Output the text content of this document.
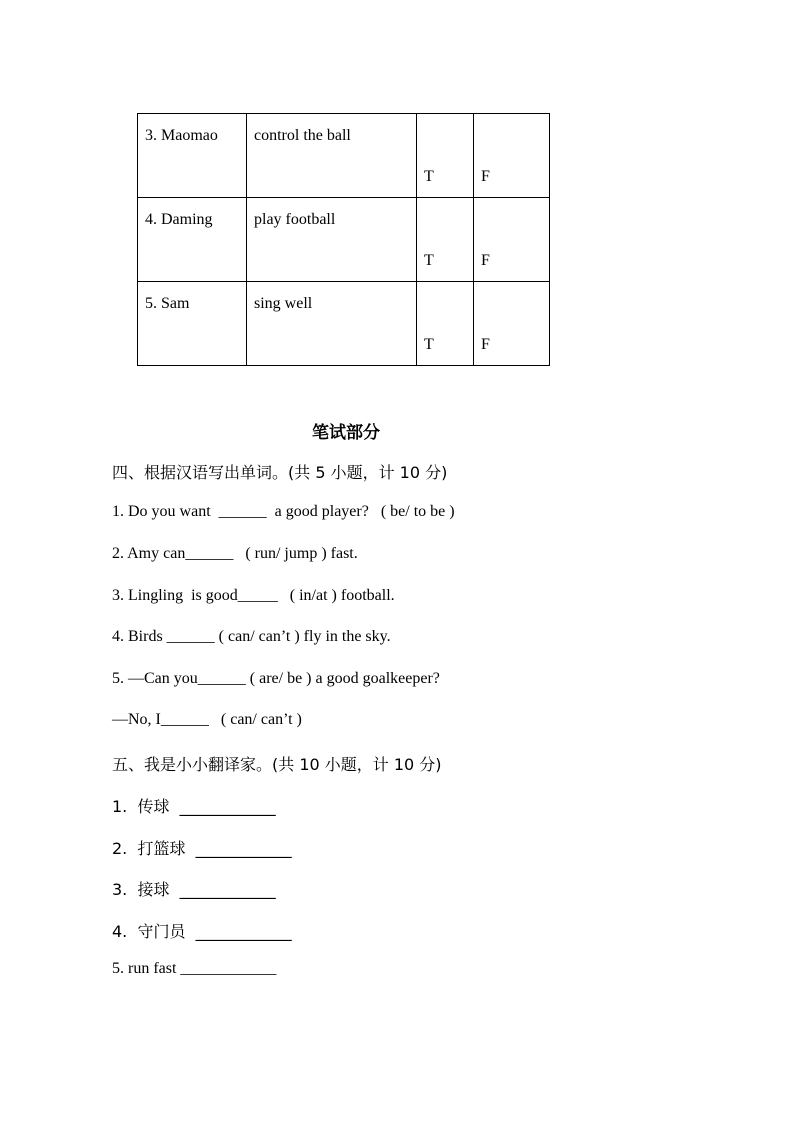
3. Maomao	control the ball	T	F

4. Daming	play football	T	F

5. Sam	sing well	T	F
笔试部分
四、根据汉语写出单词。(共 5 小题，计 10 分)
1. Do you want  ______  a good player?   ( be/ to be )
2. Amy can______   ( run/ jump ) fast.
3. Lingling  is good_____   ( in/at ) football.
4. Birds ______ ( can/ can’t ) fly in the sky.
5. —Can you______ ( are/ be ) a good goalkeeper?
—No, I______   ( can/ can’t )
五、我是小小翻译家。(共 10 小题，计 10 分)
1.  传球  ____________
2.  打篮球  ____________
3.  接球  ____________
4.  守门员  ____________
5. run fast ____________
